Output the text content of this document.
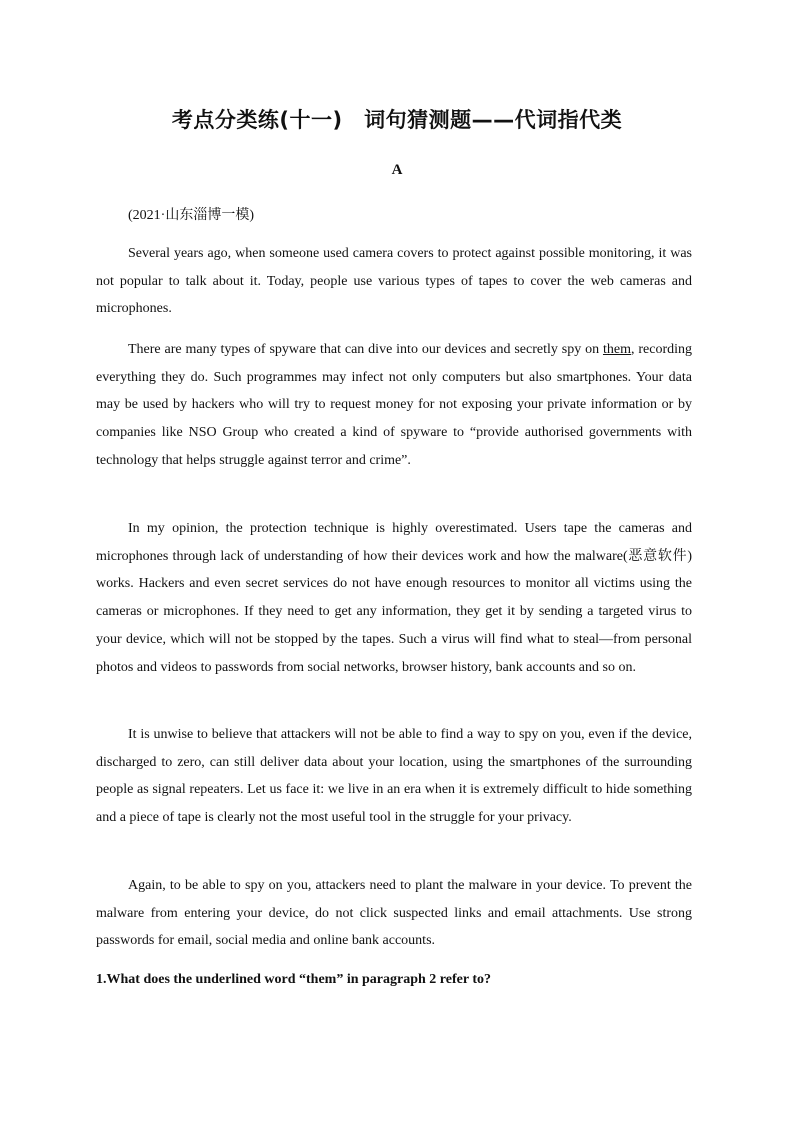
考点分类练(十一)　词句猜测题——代词指代类
A
(2021·山东淄博一模)

Several years ago, when someone used camera covers to protect against possible monitoring, it was not popular to talk about it. Today, people use various types of tapes to cover the web cameras and microphones.

There are many types of spyware that can dive into our devices and secretly spy on them, recording everything they do. Such programmes may infect not only computers but also smartphones. Your data may be used by hackers who will try to request money for not exposing your private information or by companies like NSO Group who created a kind of spyware to “provide authorised governments with technology that helps struggle against terror and crime”.

In my opinion, the protection technique is highly overestimated. Users tape the cameras and microphones through lack of understanding of how their devices work and how the malware(恶意软件) works. Hackers and even secret services do not have enough resources to monitor all victims using the cameras or microphones. If they need to get any information, they get it by sending a targeted virus to your device, which will not be stopped by the tapes. Such a virus will find what to steal—from personal photos and videos to passwords from social networks, browser history, bank accounts and so on.

It is unwise to believe that attackers will not be able to find a way to spy on you, even if the device, discharged to zero, can still deliver data about your location, using the smartphones of the surrounding people as signal repeaters. Let us face it: we live in an era when it is extremely difficult to hide something and a piece of tape is clearly not the most useful tool in the struggle for your privacy.

Again, to be able to spy on you, attackers need to plant the malware in your device. To prevent the malware from entering your device, do not click suspected links and email attachments. Use strong passwords for email, social media and online bank accounts.

1.What does the underlined word “them” in paragraph 2 refer to?
